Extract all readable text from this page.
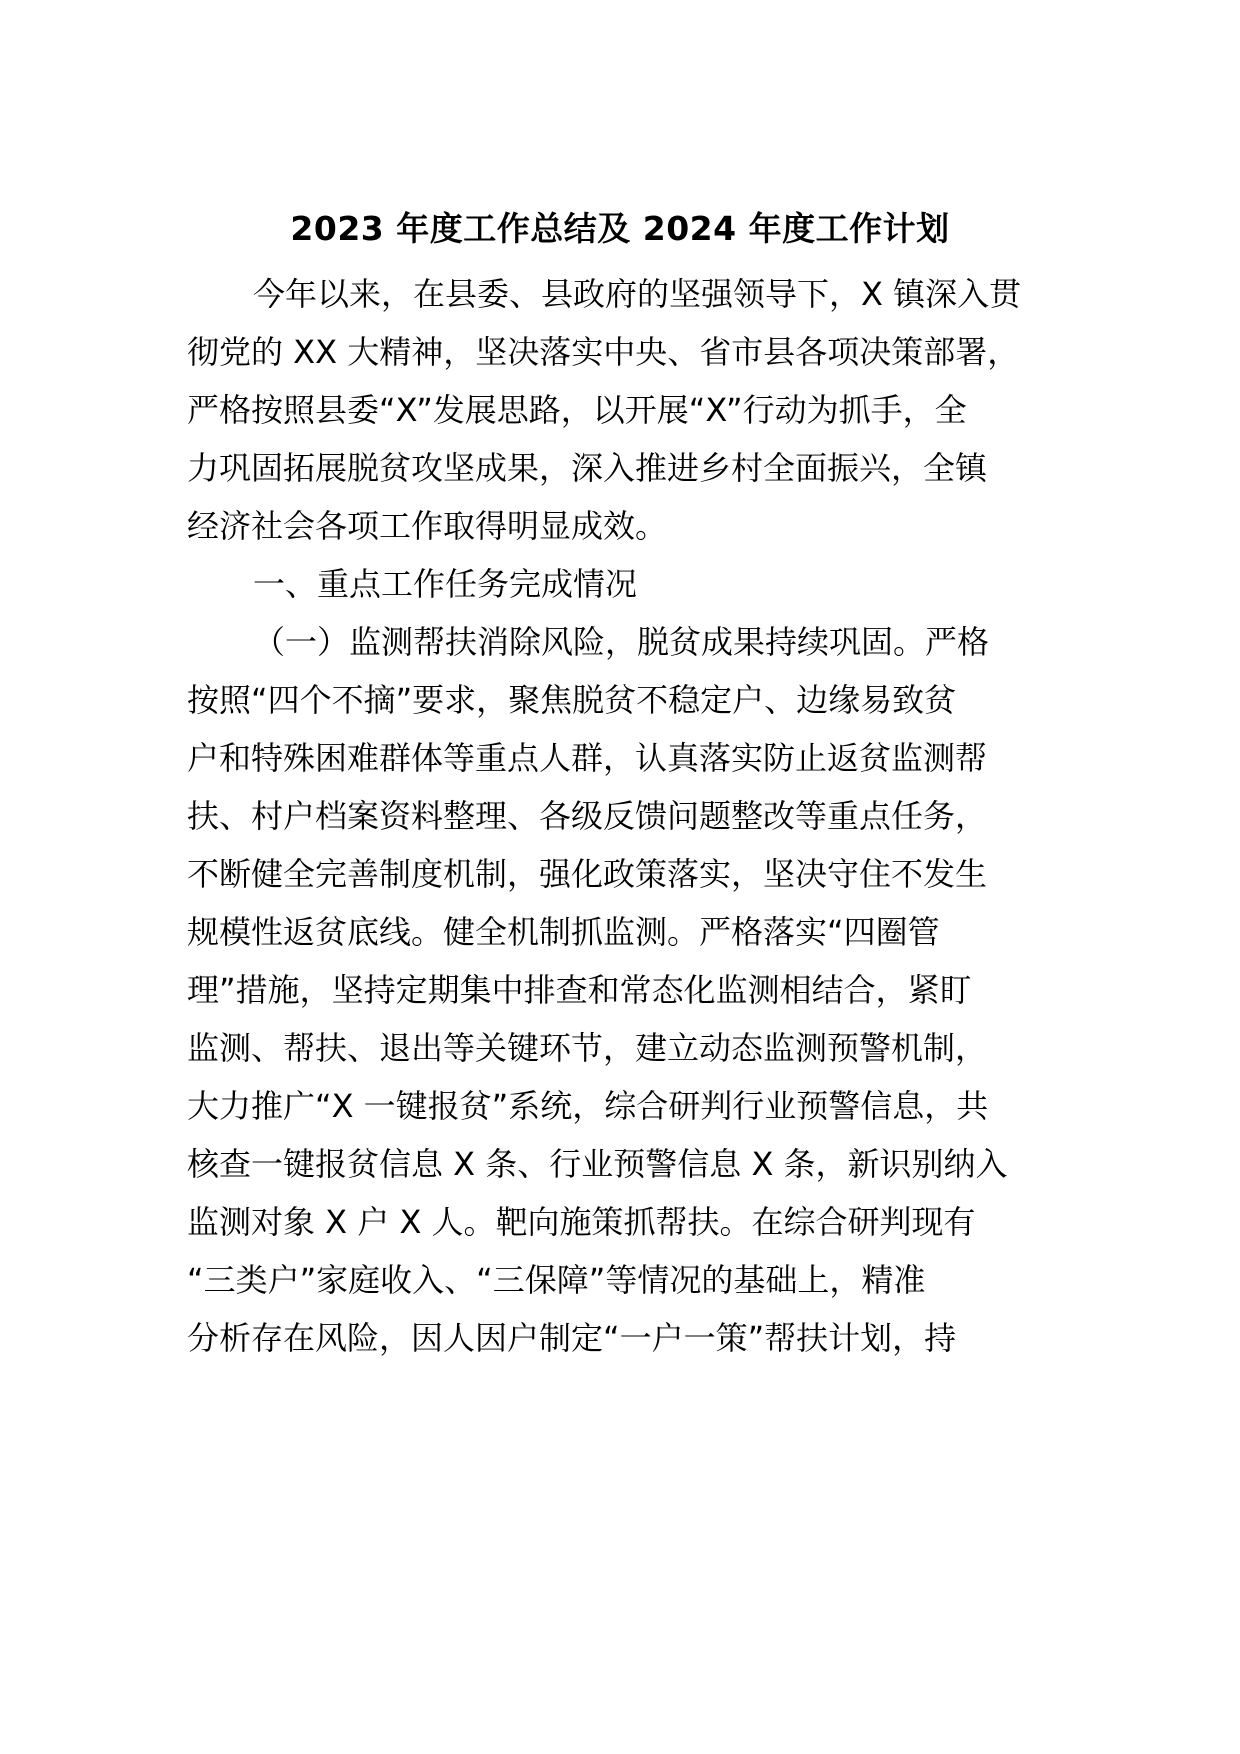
2023 年度工作总结及 2024 年度工作计划
今年以来，在县委、县政府的坚强领导下，X 镇深入贯
彻党的 XX 大精神，坚决落实中央、省市县各项决策部署，
严格按照县委“X”发展思路，以开展“X”行动为抓手，全
力巩固拓展脱贫攻坚成果，深入推进乡村全面振兴，全镇
经济社会各项工作取得明显成效。
一、重点工作任务完成情况
（一）监测帮扶消除风险，脱贫成果持续巩固。严格
按照“四个不摘”要求，聚焦脱贫不稳定户、边缘易致贫
户和特殊困难群体等重点人群，认真落实防止返贫监测帮
扶、村户档案资料整理、各级反馈问题整改等重点任务，
不断健全完善制度机制，强化政策落实，坚决守住不发生
规模性返贫底线。健全机制抓监测。严格落实“四圈管
理”措施，坚持定期集中排查和常态化监测相结合，紧盯
监测、帮扶、退出等关键环节，建立动态监测预警机制，
大力推广“X 一键报贫”系统，综合研判行业预警信息，共
核查一键报贫信息 X 条、行业预警信息 X 条，新识别纳入
监测对象 X 户 X 人。靶向施策抓帮扶。在综合研判现有
“三类户”家庭收入、“三保障”等情况的基础上，精准
分析存在风险，因人因户制定“一户一策”帮扶计划，持
